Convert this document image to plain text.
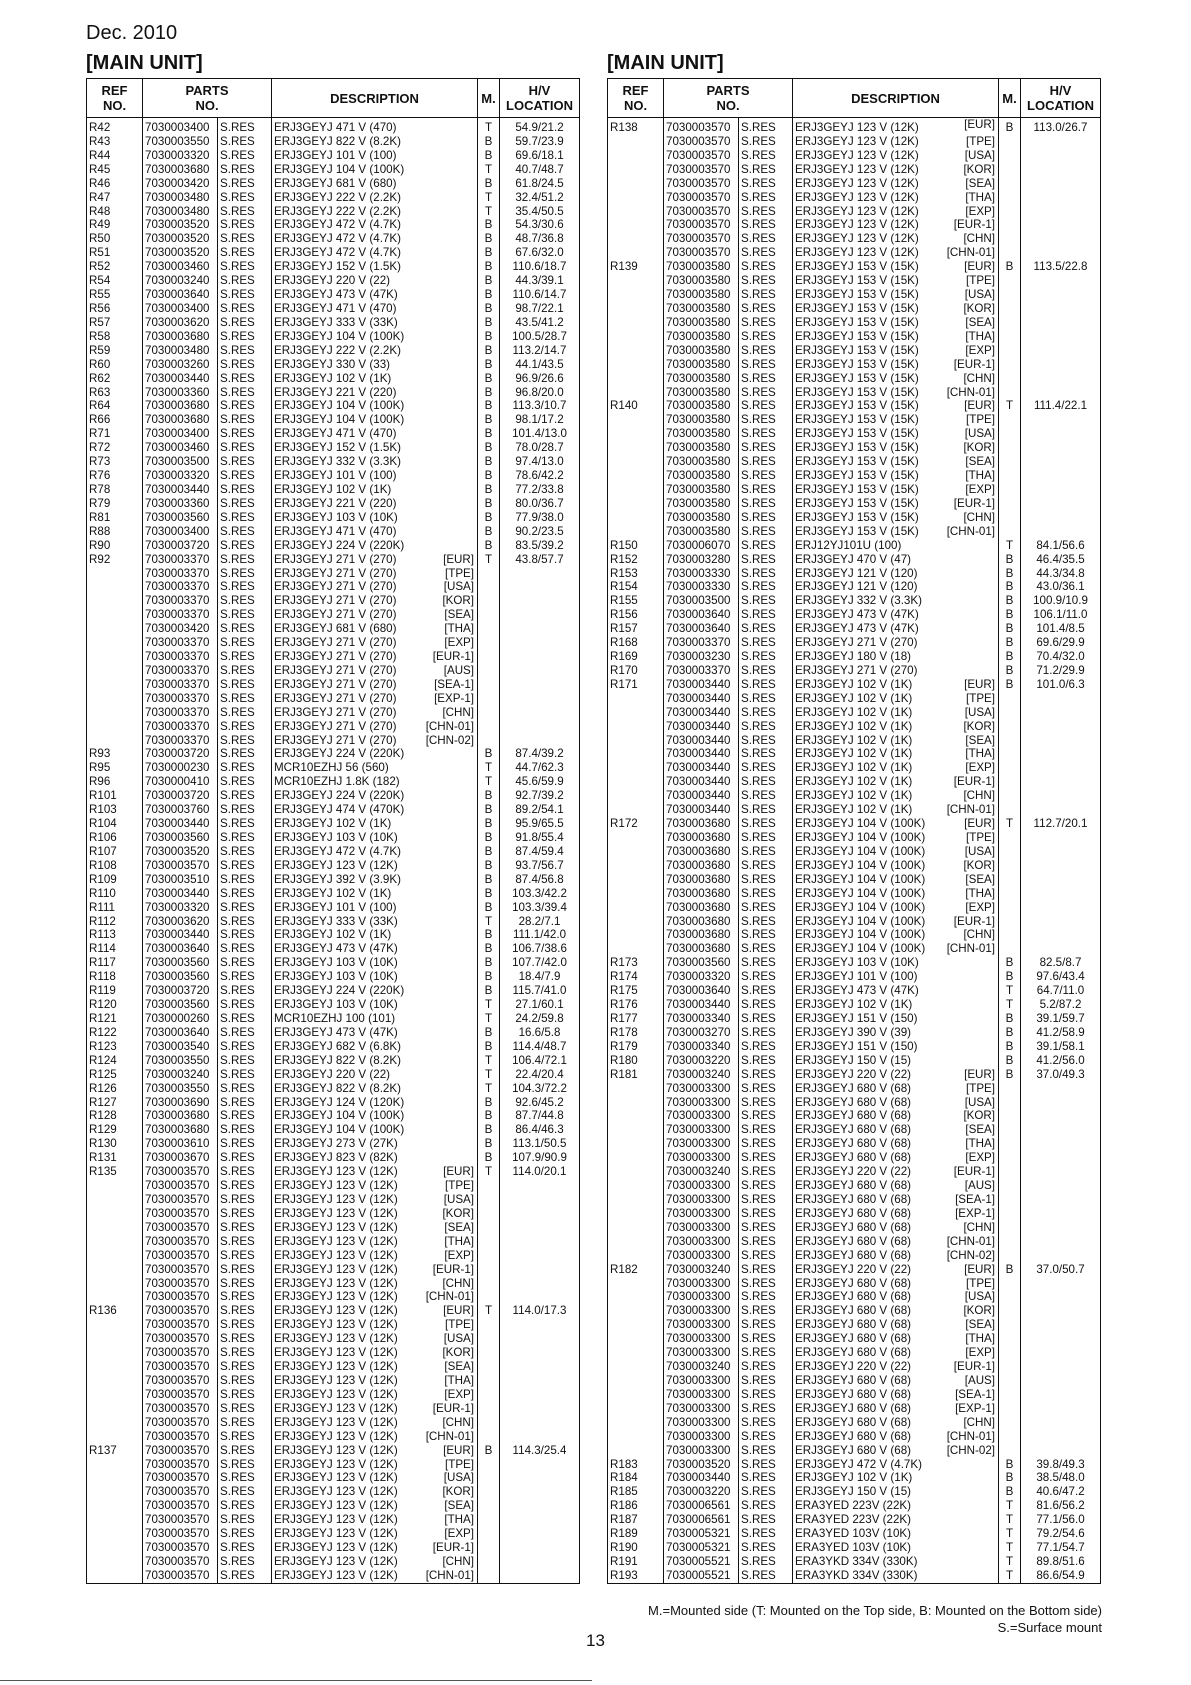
Dec. 2010
[MAIN UNIT]	[MAIN UNIT]
REF
NO.	PARTS
NO.		DESCRIPTION	M.	H/V
LOCATION
R42	7030003400	S.RES	ERJ3GEYJ 471 V (470)	T	54.9/21.2
R43	7030003550	S.RES	ERJ3GEYJ 822 V (8.2K)	B	59.7/23.9
R44	7030003320	S.RES	ERJ3GEYJ 101 V (100)	B	69.6/18.1
R45	7030003680	S.RES	ERJ3GEYJ 104 V (100K)	T	40.7/48.7
R46	7030003420	S.RES	ERJ3GEYJ 681 V (680)	B	61.8/24.5
R47	7030003480	S.RES	ERJ3GEYJ 222 V (2.2K)	T	32.4/51.2
R48	7030003480	S.RES	ERJ3GEYJ 222 V (2.2K)	T	35.4/50.5
R49	7030003520	S.RES	ERJ3GEYJ 472 V (4.7K)	B	54.3/30.6
R50	7030003520	S.RES	ERJ3GEYJ 472 V (4.7K)	B	48.7/36.8
R51	7030003520	S.RES	ERJ3GEYJ 472 V (4.7K)	B	67.6/32.0
R52	7030003460	S.RES	ERJ3GEYJ 152 V (1.5K)	B	110.6/18.7
R54	7030003240	S.RES	ERJ3GEYJ 220 V (22)	B	44.3/39.1
R55	7030003640	S.RES	ERJ3GEYJ 473 V (47K)	B	110.6/14.7
R56	7030003400	S.RES	ERJ3GEYJ 471 V (470)	B	98.7/22.1
R57	7030003620	S.RES	ERJ3GEYJ 333 V (33K)	B	43.5/41.2
R58	7030003680	S.RES	ERJ3GEYJ 104 V (100K)	B	100.5/28.7
R59	7030003480	S.RES	ERJ3GEYJ 222 V (2.2K)	B	113.2/14.7
R60	7030003260	S.RES	ERJ3GEYJ 330 V (33)	B	44.1/43.5
R62	7030003440	S.RES	ERJ3GEYJ 102 V (1K)	B	96.9/26.6
R63	7030003360	S.RES	ERJ3GEYJ 221 V (220)	B	96.8/20.0
R64	7030003680	S.RES	ERJ3GEYJ 104 V (100K)	B	113.3/10.7
R66	7030003680	S.RES	ERJ3GEYJ 104 V (100K)	B	98.1/17.2
R71	7030003400	S.RES	ERJ3GEYJ 471 V (470)	B	101.4/13.0
R72	7030003460	S.RES	ERJ3GEYJ 152 V (1.5K)	B	78.0/28.7
R73	7030003500	S.RES	ERJ3GEYJ 332 V (3.3K)	B	97.4/13.0
R76	7030003320	S.RES	ERJ3GEYJ 101 V (100)	B	78.6/42.2
R78	7030003440	S.RES	ERJ3GEYJ 102 V (1K)	B	77.2/33.8
R79	7030003360	S.RES	ERJ3GEYJ 221 V (220)	B	80.0/36.7
R81	7030003560	S.RES	ERJ3GEYJ 103 V (10K)	B	77.9/38.0
R88	7030003400	S.RES	ERJ3GEYJ 471 V (470)	B	90.2/23.5
R90	7030003720	S.RES	ERJ3GEYJ 224 V (220K)	B	83.5/39.2
R92	7030003370	S.RES	ERJ3GEYJ 271 V (270) [EUR]	T	43.8/57.7
	7030003370	S.RES	ERJ3GEYJ 271 V (270) [TPE]		

	7030003370	S.RES	ERJ3GEYJ 271 V (270) [USA]		

	7030003370	S.RES	ERJ3GEYJ 271 V (270) [KOR]		

	7030003370	S.RES	ERJ3GEYJ 271 V (270) [SEA]		

	7030003420	S.RES	ERJ3GEYJ 681 V (680) [THA]		

	7030003370	S.RES	ERJ3GEYJ 271 V (270) [EXP]		

	7030003370	S.RES	ERJ3GEYJ 271 V (270) [EUR-1]		

	7030003370	S.RES	ERJ3GEYJ 271 V (270) [AUS]		

	7030003370	S.RES	ERJ3GEYJ 271 V (270) [SEA-1]		

	7030003370	S.RES	ERJ3GEYJ 271 V (270) [EXP-1]		

	7030003370	S.RES	ERJ3GEYJ 271 V (270) [CHN]		

	7030003370	S.RES	ERJ3GEYJ 271 V (270) [CHN-01]		

	7030003370	S.RES	ERJ3GEYJ 271 V (270) [CHN-02]		

R93	7030003720	S.RES	ERJ3GEYJ 224 V (220K)	B	87.4/39.2
R95	7030000230	S.RES	MCR10EZHJ 56 (560)	T	44.7/62.3
R96	7030000410	S.RES	MCR10EZHJ 1.8K (182)	T	45.6/59.9
R101	7030003720	S.RES	ERJ3GEYJ 224 V (220K)	B	92.7/39.2
R103	7030003760	S.RES	ERJ3GEYJ 474 V (470K)	B	89.2/54.1
R104	7030003440	S.RES	ERJ3GEYJ 102 V (1K)	B	95.9/65.5
R106	7030003560	S.RES	ERJ3GEYJ 103 V (10K)	B	91.8/55.4
R107	7030003520	S.RES	ERJ3GEYJ 472 V (4.7K)	B	87.4/59.4
R108	7030003570	S.RES	ERJ3GEYJ 123 V (12K)	B	93.7/56.7
R109	7030003510	S.RES	ERJ3GEYJ 392 V (3.9K)	B	87.4/56.8
R110	7030003440	S.RES	ERJ3GEYJ 102 V (1K)	B	103.3/42.2
R111	7030003320	S.RES	ERJ3GEYJ 101 V (100)	B	103.3/39.4
R112	7030003620	S.RES	ERJ3GEYJ 333 V (33K)	T	28.2/7.1
R113	7030003440	S.RES	ERJ3GEYJ 102 V (1K)	B	111.1/42.0
R114	7030003640	S.RES	ERJ3GEYJ 473 V (47K)	B	106.7/38.6
R117	7030003560	S.RES	ERJ3GEYJ 103 V (10K)	B	107.7/42.0
R118	7030003560	S.RES	ERJ3GEYJ 103 V (10K)	B	18.4/7.9
R119	7030003720	S.RES	ERJ3GEYJ 224 V (220K)	B	115.7/41.0
R120	7030003560	S.RES	ERJ3GEYJ 103 V (10K)	T	27.1/60.1
R121	7030000260	S.RES	MCR10EZHJ 100 (101)	T	24.2/59.8
R122	7030003640	S.RES	ERJ3GEYJ 473 V (47K)	B	16.6/5.8
R123	7030003540	S.RES	ERJ3GEYJ 682 V (6.8K)	B	114.4/48.7
R124	7030003550	S.RES	ERJ3GEYJ 822 V (8.2K)	T	106.4/72.1
R125	7030003240	S.RES	ERJ3GEYJ 220 V (22)	T	22.4/20.4
R126	7030003550	S.RES	ERJ3GEYJ 822 V (8.2K)	T	104.3/72.2
R127	7030003690	S.RES	ERJ3GEYJ 124 V (120K)	B	92.6/45.2
R128	7030003680	S.RES	ERJ3GEYJ 104 V (100K)	B	87.7/44.8
R129	7030003680	S.RES	ERJ3GEYJ 104 V (100K)	B	86.4/46.3
R130	7030003610	S.RES	ERJ3GEYJ 273 V (27K)	B	113.1/50.5
R131	7030003670	S.RES	ERJ3GEYJ 823 V (82K)	B	107.9/90.9
R135	7030003570	S.RES	ERJ3GEYJ 123 V (12K) [EUR]	T	114.0/20.1
	7030003570	S.RES	ERJ3GEYJ 123 V (12K) [TPE]		

	7030003570	S.RES	ERJ3GEYJ 123 V (12K) [USA]		

	7030003570	S.RES	ERJ3GEYJ 123 V (12K) [KOR]		

	7030003570	S.RES	ERJ3GEYJ 123 V (12K) [SEA]		

	7030003570	S.RES	ERJ3GEYJ 123 V (12K) [THA]		

	7030003570	S.RES	ERJ3GEYJ 123 V (12K) [EXP]		

	7030003570	S.RES	ERJ3GEYJ 123 V (12K) [EUR-1]		

	7030003570	S.RES	ERJ3GEYJ 123 V (12K) [CHN]		

	7030003570	S.RES	ERJ3GEYJ 123 V (12K) [CHN-01]		

R136	7030003570	S.RES	ERJ3GEYJ 123 V (12K) [EUR]	T	114.0/17.3
	7030003570	S.RES	ERJ3GEYJ 123 V (12K) [TPE]		

	7030003570	S.RES	ERJ3GEYJ 123 V (12K) [USA]		

	7030003570	S.RES	ERJ3GEYJ 123 V (12K) [KOR]		

	7030003570	S.RES	ERJ3GEYJ 123 V (12K) [SEA]		

	7030003570	S.RES	ERJ3GEYJ 123 V (12K) [THA]		

	7030003570	S.RES	ERJ3GEYJ 123 V (12K) [EXP]		

	7030003570	S.RES	ERJ3GEYJ 123 V (12K) [EUR-1]		

	7030003570	S.RES	ERJ3GEYJ 123 V (12K) [CHN]		

	7030003570	S.RES	ERJ3GEYJ 123 V (12K) [CHN-01]		

R137	7030003570	S.RES	ERJ3GEYJ 123 V (12K) [EUR]	B	114.3/25.4
	7030003570	S.RES	ERJ3GEYJ 123 V (12K) [TPE]		

	7030003570	S.RES	ERJ3GEYJ 123 V (12K) [USA]		

	7030003570	S.RES	ERJ3GEYJ 123 V (12K) [KOR]		

	7030003570	S.RES	ERJ3GEYJ 123 V (12K) [SEA]		

	7030003570	S.RES	ERJ3GEYJ 123 V (12K) [THA]		

	7030003570	S.RES	ERJ3GEYJ 123 V (12K) [EXP]		

	7030003570	S.RES	ERJ3GEYJ 123 V (12K) [EUR-1]		

	7030003570	S.RES	ERJ3GEYJ 123 V (12K) [CHN]		

	7030003570	S.RES	ERJ3GEYJ 123 V (12K) [CHN-01]		

REF
NO.	PARTS
NO.		DESCRIPTION	M.	H/V
LOCATION
R138	7030003570	S.RES	ERJ3GEYJ 123 V (12K) [EUR]	B	113.0/26.7
	7030003570	S.RES	ERJ3GEYJ 123 V (12K) [TPE]		

	7030003570	S.RES	ERJ3GEYJ 123 V (12K) [USA]		

	7030003570	S.RES	ERJ3GEYJ 123 V (12K) [KOR]		

	7030003570	S.RES	ERJ3GEYJ 123 V (12K) [SEA]		

	7030003570	S.RES	ERJ3GEYJ 123 V (12K) [THA]		

	7030003570	S.RES	ERJ3GEYJ 123 V (12K) [EXP]		

	7030003570	S.RES	ERJ3GEYJ 123 V (12K) [EUR-1]		

	7030003570	S.RES	ERJ3GEYJ 123 V (12K) [CHN]		

	7030003570	S.RES	ERJ3GEYJ 123 V (12K) [CHN-01]		

R139	7030003580	S.RES	ERJ3GEYJ 153 V (15K) [EUR]	B	113.5/22.8
	7030003580	S.RES	ERJ3GEYJ 153 V (15K) [TPE]		

	7030003580	S.RES	ERJ3GEYJ 153 V (15K) [USA]		

	7030003580	S.RES	ERJ3GEYJ 153 V (15K) [KOR]		

	7030003580	S.RES	ERJ3GEYJ 153 V (15K) [SEA]		

	7030003580	S.RES	ERJ3GEYJ 153 V (15K) [THA]		

	7030003580	S.RES	ERJ3GEYJ 153 V (15K) [EXP]		

	7030003580	S.RES	ERJ3GEYJ 153 V (15K) [EUR-1]		

	7030003580	S.RES	ERJ3GEYJ 153 V (15K) [CHN]		

	7030003580	S.RES	ERJ3GEYJ 153 V (15K) [CHN-01]		

R140	7030003580	S.RES	ERJ3GEYJ 153 V (15K) [EUR]	T	111.4/22.1
	7030003580	S.RES	ERJ3GEYJ 153 V (15K) [TPE]		

	7030003580	S.RES	ERJ3GEYJ 153 V (15K) [USA]		

	7030003580	S.RES	ERJ3GEYJ 153 V (15K) [KOR]		

	7030003580	S.RES	ERJ3GEYJ 153 V (15K) [SEA]		

	7030003580	S.RES	ERJ3GEYJ 153 V (15K) [THA]		

	7030003580	S.RES	ERJ3GEYJ 153 V (15K) [EXP]		

	7030003580	S.RES	ERJ3GEYJ 153 V (15K) [EUR-1]		

	7030003580	S.RES	ERJ3GEYJ 153 V (15K) [CHN]		

	7030003580	S.RES	ERJ3GEYJ 153 V (15K) [CHN-01]		

R150	7030006070	S.RES	ERJ12YJ101U (100)	T	84.1/56.6
R152	7030003280	S.RES	ERJ3GEYJ 470 V (47)	B	46.4/35.5
R153	7030003330	S.RES	ERJ3GEYJ 121 V (120)	B	44.3/34.8
R154	7030003330	S.RES	ERJ3GEYJ 121 V (120)	B	43.0/36.1
R155	7030003500	S.RES	ERJ3GEYJ 332 V (3.3K)	B	100.9/10.9
R156	7030003640	S.RES	ERJ3GEYJ 473 V (47K)	B	106.1/11.0
R157	7030003640	S.RES	ERJ3GEYJ 473 V (47K)	B	101.4/8.5
R168	7030003370	S.RES	ERJ3GEYJ 271 V (270)	B	69.6/29.9
R169	7030003230	S.RES	ERJ3GEYJ 180 V (18)	B	70.4/32.0
R170	7030003370	S.RES	ERJ3GEYJ 271 V (270)	B	71.2/29.9
R171	7030003440	S.RES	ERJ3GEYJ 102 V (1K) [EUR]	B	101.0/6.3
	7030003440	S.RES	ERJ3GEYJ 102 V (1K) [TPE]		

	7030003440	S.RES	ERJ3GEYJ 102 V (1K) [USA]		

	7030003440	S.RES	ERJ3GEYJ 102 V (1K) [KOR]		

	7030003440	S.RES	ERJ3GEYJ 102 V (1K) [SEA]		

	7030003440	S.RES	ERJ3GEYJ 102 V (1K) [THA]		

	7030003440	S.RES	ERJ3GEYJ 102 V (1K) [EXP]		

	7030003440	S.RES	ERJ3GEYJ 102 V (1K) [EUR-1]		

	7030003440	S.RES	ERJ3GEYJ 102 V (1K) [CHN]		

	7030003440	S.RES	ERJ3GEYJ 102 V (1K) [CHN-01]		

R172	7030003680	S.RES	ERJ3GEYJ 104 V (100K) [EUR]	T	112.7/20.1
	7030003680	S.RES	ERJ3GEYJ 104 V (100K) [TPE]		

	7030003680	S.RES	ERJ3GEYJ 104 V (100K) [USA]		

	7030003680	S.RES	ERJ3GEYJ 104 V (100K) [KOR]		

	7030003680	S.RES	ERJ3GEYJ 104 V (100K) [SEA]		

	7030003680	S.RES	ERJ3GEYJ 104 V (100K) [THA]		

	7030003680	S.RES	ERJ3GEYJ 104 V (100K) [EXP]		

	7030003680	S.RES	ERJ3GEYJ 104 V (100K) [EUR-1]		

	7030003680	S.RES	ERJ3GEYJ 104 V (100K) [CHN]		

	7030003680	S.RES	ERJ3GEYJ 104 V (100K) [CHN-01]		

R173	7030003560	S.RES	ERJ3GEYJ 103 V (10K)	B	82.5/8.7
R174	7030003320	S.RES	ERJ3GEYJ 101 V (100)	B	97.6/43.4
R175	7030003640	S.RES	ERJ3GEYJ 473 V (47K)	T	64.7/11.0
R176	7030003440	S.RES	ERJ3GEYJ 102 V (1K)	T	5.2/87.2
R177	7030003340	S.RES	ERJ3GEYJ 151 V (150)	B	39.1/59.7
R178	7030003270	S.RES	ERJ3GEYJ 390 V (39)	B	41.2/58.9
R179	7030003340	S.RES	ERJ3GEYJ 151 V (150)	B	39.1/58.1
R180	7030003220	S.RES	ERJ3GEYJ 150 V (15)	B	41.2/56.0
R181	7030003240	S.RES	ERJ3GEYJ 220 V (22) [EUR]	B	37.0/49.3
	7030003300	S.RES	ERJ3GEYJ 680 V (68) [TPE]		

	7030003300	S.RES	ERJ3GEYJ 680 V (68) [USA]		

	7030003300	S.RES	ERJ3GEYJ 680 V (68) [KOR]		

	7030003300	S.RES	ERJ3GEYJ 680 V (68) [SEA]		

	7030003300	S.RES	ERJ3GEYJ 680 V (68) [THA]		

	7030003300	S.RES	ERJ3GEYJ 680 V (68) [EXP]		

	7030003240	S.RES	ERJ3GEYJ 220 V (22) [EUR-1]		

	7030003300	S.RES	ERJ3GEYJ 680 V (68) [AUS]		

	7030003300	S.RES	ERJ3GEYJ 680 V (68) [SEA-1]		

	7030003300	S.RES	ERJ3GEYJ 680 V (68) [EXP-1]		

	7030003300	S.RES	ERJ3GEYJ 680 V (68) [CHN]		

	7030003300	S.RES	ERJ3GEYJ 680 V (68) [CHN-01]		

	7030003300	S.RES	ERJ3GEYJ 680 V (68) [CHN-02]		

R182	7030003240	S.RES	ERJ3GEYJ 220 V (22) [EUR]	B	37.0/50.7
	7030003300	S.RES	ERJ3GEYJ 680 V (68) [TPE]		

	7030003300	S.RES	ERJ3GEYJ 680 V (68) [USA]		

	7030003300	S.RES	ERJ3GEYJ 680 V (68) [KOR]		

	7030003300	S.RES	ERJ3GEYJ 680 V (68) [SEA]		

	7030003300	S.RES	ERJ3GEYJ 680 V (68) [THA]		

	7030003300	S.RES	ERJ3GEYJ 680 V (68) [EXP]		

	7030003240	S.RES	ERJ3GEYJ 220 V (22) [EUR-1]		

	7030003300	S.RES	ERJ3GEYJ 680 V (68) [AUS]		

	7030003300	S.RES	ERJ3GEYJ 680 V (68) [SEA-1]		

	7030003300	S.RES	ERJ3GEYJ 680 V (68) [EXP-1]		

	7030003300	S.RES	ERJ3GEYJ 680 V (68) [CHN]		

	7030003300	S.RES	ERJ3GEYJ 680 V (68) [CHN-01]		

	7030003300	S.RES	ERJ3GEYJ 680 V (68) [CHN-02]		

R183	7030003520	S.RES	ERJ3GEYJ 472 V (4.7K)	B	39.8/49.3
R184	7030003440	S.RES	ERJ3GEYJ 102 V (1K)	B	38.5/48.0
R185	7030003220	S.RES	ERJ3GEYJ 150 V (15)	B	40.6/47.2
R186	7030006561	S.RES	ERA3YED 223V (22K)	T	81.6/56.2
R187	7030006561	S.RES	ERA3YED 223V (22K)	T	77.1/56.0
R189	7030005321	S.RES	ERA3YED 103V (10K)	T	79.2/54.6
R190	7030005321	S.RES	ERA3YED 103V (10K)	T	77.1/54.7
R191	7030005521	S.RES	ERA3YKD 334V (330K)	T	89.8/51.6
R193	7030005521	S.RES	ERA3YKD 334V (330K)	T	86.6/54.9
M.=Mounted side (T: Mounted on the Top side, B: Mounted on the Bottom side)
S.=Surface mount
13
